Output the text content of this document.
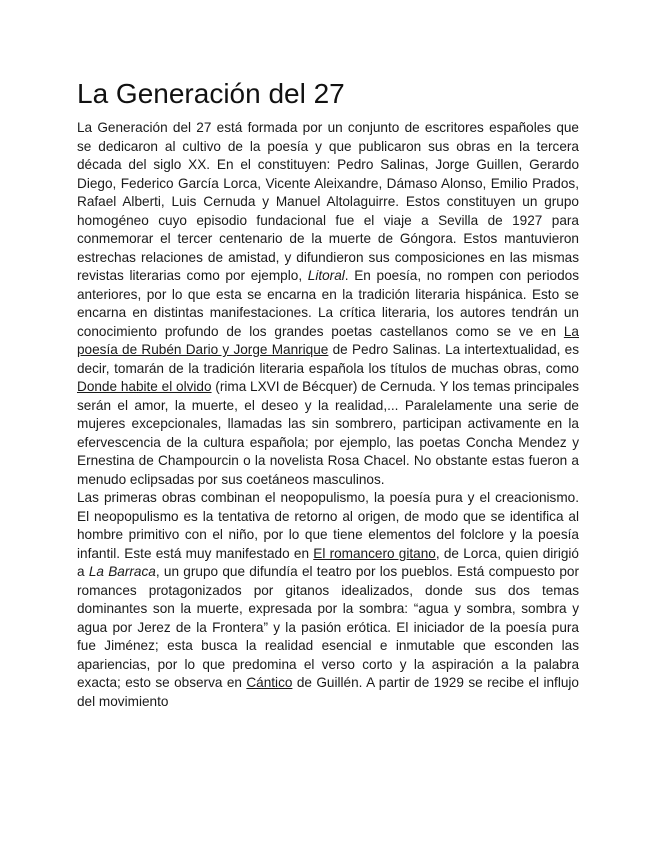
La Generación del 27

La Generación del 27 está formada por un conjunto de escritores españoles que se dedicaron al cultivo de la poesía y que publicaron sus obras en la tercera década del siglo XX. En el constituyen: Pedro Salinas, Jorge Guillen, Gerardo Diego, Federico García Lorca, Vicente Aleixandre, Dámaso Alonso, Emilio Prados, Rafael Alberti, Luis Cernuda y Manuel Altolaguirre. Estos constituyen un grupo homogéneo cuyo episodio fundacional fue el viaje a Sevilla de 1927 para conmemorar el tercer centenario de la muerte de Góngora. Estos mantuvieron estrechas relaciones de amistad, y difundieron sus composiciones en las mismas revistas literarias como por ejemplo, Litoral. En poesía, no rompen con periodos anteriores, por lo que esta se encarna en la tradición literaria hispánica. Esto se encarna en distintas manifestaciones. La crítica literaria, los autores tendrán un conocimiento profundo de los grandes poetas castellanos como se ve en La poesía de Rubén Dario y Jorge Manrique de Pedro Salinas. La intertextualidad, es decir, tomarán de la tradición literaria española los títulos de muchas obras, como Donde habite el olvido (rima LXVI de Bécquer) de Cernuda. Y los temas principales serán el amor, la muerte, el deseo y la realidad,... Paralelamente una serie de mujeres excepcionales, llamadas las sin sombrero, participan activamente en la efervescencia de la cultura española; por ejemplo, las poetas Concha Mendez y Ernestina de Champourcin o la novelista Rosa Chacel. No obstante estas fueron a menudo eclipsadas por sus coetáneos masculinos.

Las primeras obras combinan el neopopulismo, la poesía pura y el creacionismo. El neopopulismo es la tentativa de retorno al origen, de modo que se identifica al hombre primitivo con el niño, por lo que tiene elementos del folclore y la poesía infantil. Este está muy manifestado en El romancero gitano, de Lorca, quien dirigió a La Barraca, un grupo que difundía el teatro por los pueblos. Está compuesto por romances protagonizados por gitanos idealizados, donde sus dos temas dominantes son la muerte, expresada por la sombra: “agua y sombra, sombra y agua por Jerez de la Frontera” y la pasión erótica. El iniciador de la poesía pura fue Jiménez; esta busca la realidad esencial e inmutable que esconden las apariencias, por lo que predomina el verso corto y la aspiración a la palabra exacta; esto se observa en Cántico de Guillén. A partir de 1929 se recibe el influjo del movimiento
